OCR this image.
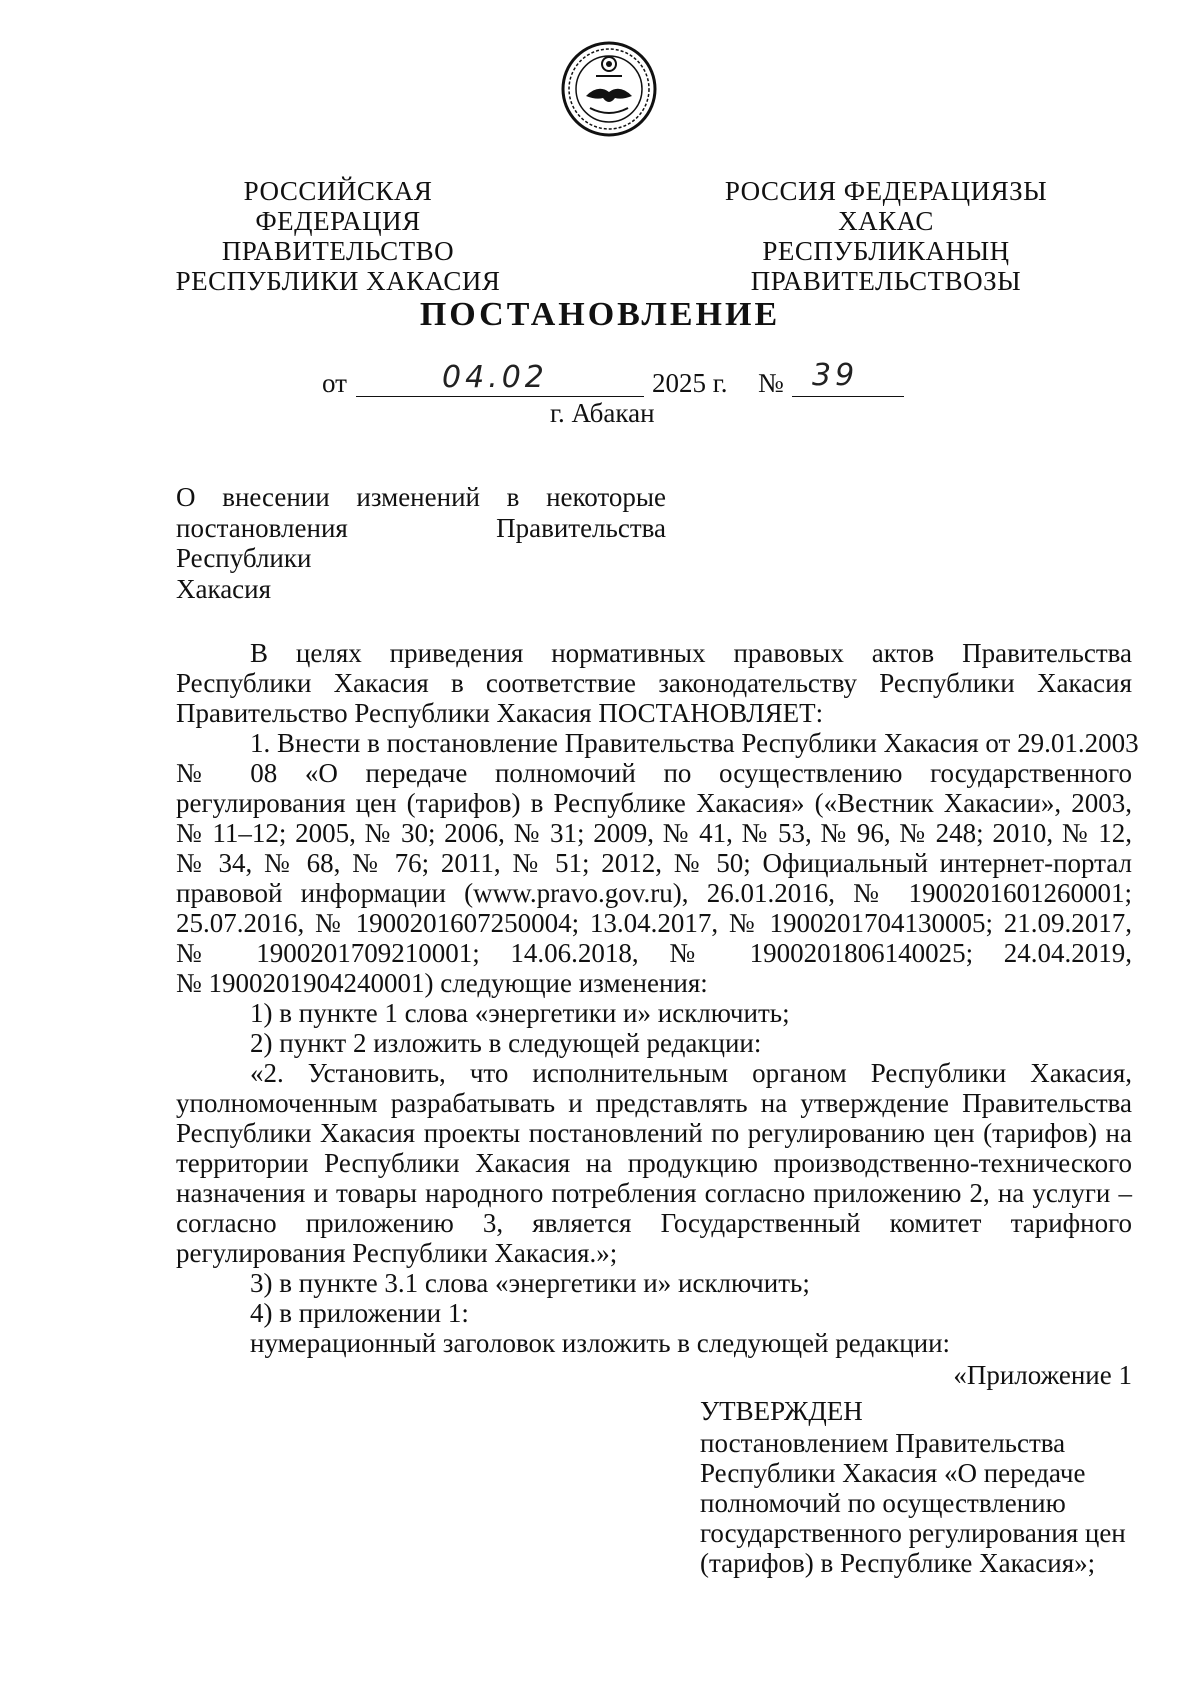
РОССИЙСКАЯ ФЕДЕРАЦИЯ
ПРАВИТЕЛЬСТВО
РЕСПУБЛИКИ ХАКАСИЯ
РОССИЯ ФЕДЕРАЦИЯЗЫ
ХАКАС РЕСПУБЛИКАНЫҢ
ПРАВИТЕЛЬСТВОЗЫ
ПОСТАНОВЛЕНИЕ
от	04.02	2025 г. № 39
г. Абакан
О внесении изменений в некоторые
постановления Правительства Республики
Хакасия
В целях приведения нормативных правовых актов Правительства
Республики Хакасия в соответствие законодательству Республики Хакасия
Правительство Республики Хакасия ПОСТАНОВЛЯЕТ:
1. Внести в постановление Правительства Республики Хакасия от 29.01.2003
№ 08 «О передаче полномочий по осуществлению государственного
регулирования цен (тарифов) в Республике Хакасия» («Вестник Хакасии», 2003,
№ 11–12; 2005, № 30; 2006, № 31; 2009, № 41, № 53, № 96, № 248; 2010, № 12,
№ 34, № 68, № 76; 2011, № 51; 2012, № 50; Официальный интернет-портал
правовой информации (www.pravo.gov.ru), 26.01.2016, № 1900201601260001;
25.07.2016, № 1900201607250004; 13.04.2017, № 1900201704130005; 21.09.2017,
№ 1900201709210001; 14.06.2018, № 1900201806140025; 24.04.2019,
№ 1900201904240001) следующие изменения:
1) в пункте 1 слова «энергетики и» исключить;
2) пункт 2 изложить в следующей редакции:
«2. Установить, что исполнительным органом Республики Хакасия,
уполномоченным разрабатывать и представлять на утверждение Правительства
Республики Хакасия проекты постановлений по регулированию цен (тарифов) на
территории Республики Хакасия на продукцию производственно-технического
назначения и товары народного потребления согласно приложению 2, на услуги –
согласно приложению 3, является Государственный комитет тарифного
регулирования Республики Хакасия.»;
3) в пункте 3.1 слова «энергетики и» исключить;
4) в приложении 1:
нумерационный заголовок изложить в следующей редакции:
«Приложение 1
УТВЕРЖДЕН
постановлением Правительства
Республики Хакасия «О передаче
полномочий по осуществлению
государственного регулирования цен
(тарифов) в Республике Хакасия»;
